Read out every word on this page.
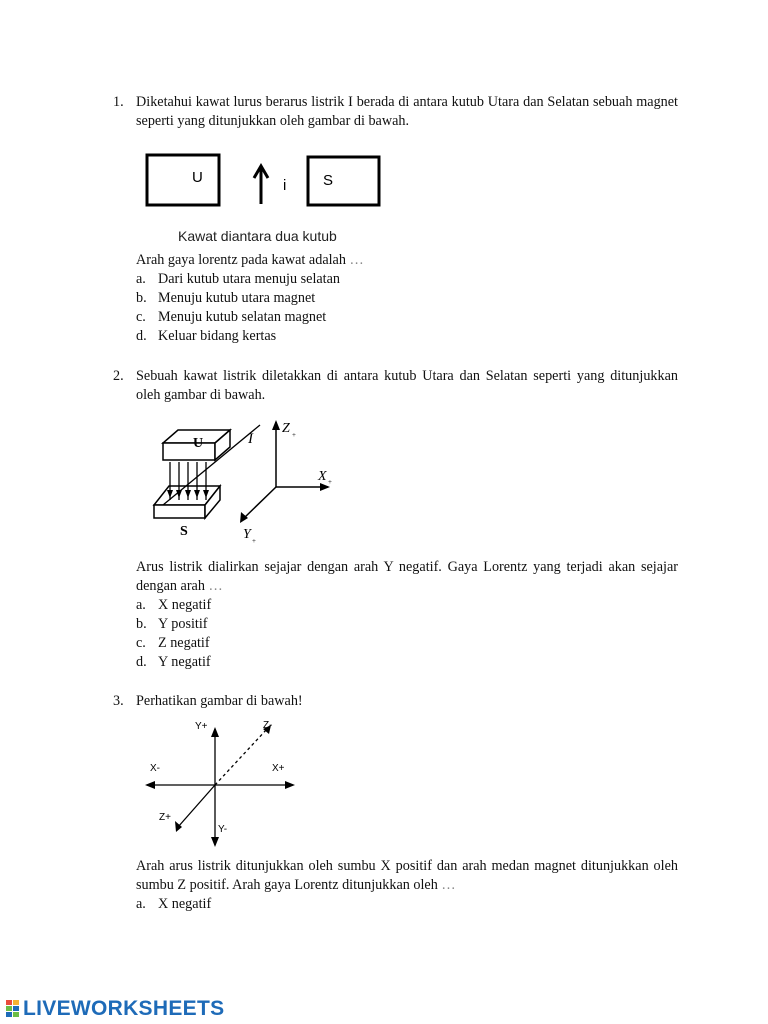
1. Diketahui kawat lurus berarus listrik I berada di antara kutub Utara dan Selatan sebuah magnet seperti yang ditunjukkan oleh gambar di bawah.
U	i S
Kawat diantara dua kutub
Arah gaya lorentz pada kawat adalah …
a. Dari kutub utara menuju selatan
b. Menuju kutub utara magnet
c. Menuju kutub selatan magnet
d. Keluar bidang kertas
2. Sebuah kawat listrik diletakkan di antara kutub Utara dan Selatan seperti yang ditunjukkan oleh gambar di bawah.
U	I
S
Z +
X +
Y +
Arus listrik dialirkan sejajar dengan arah Y negatif. Gaya Lorentz yang terjadi akan sejajar dengan arah …
a. X negatif
b. Y positif
c. Z negatif
d. Y negatif
3. Perhatikan gambar di bawah!
Y+	Z-
X-	X+
Z+
Y-
Arah arus listrik ditunjukkan oleh sumbu X positif dan arah medan magnet ditunjukkan oleh sumbu Z positif. Arah gaya Lorentz ditunjukkan oleh …
a. X negatif
LIVEWORKSHEETS
